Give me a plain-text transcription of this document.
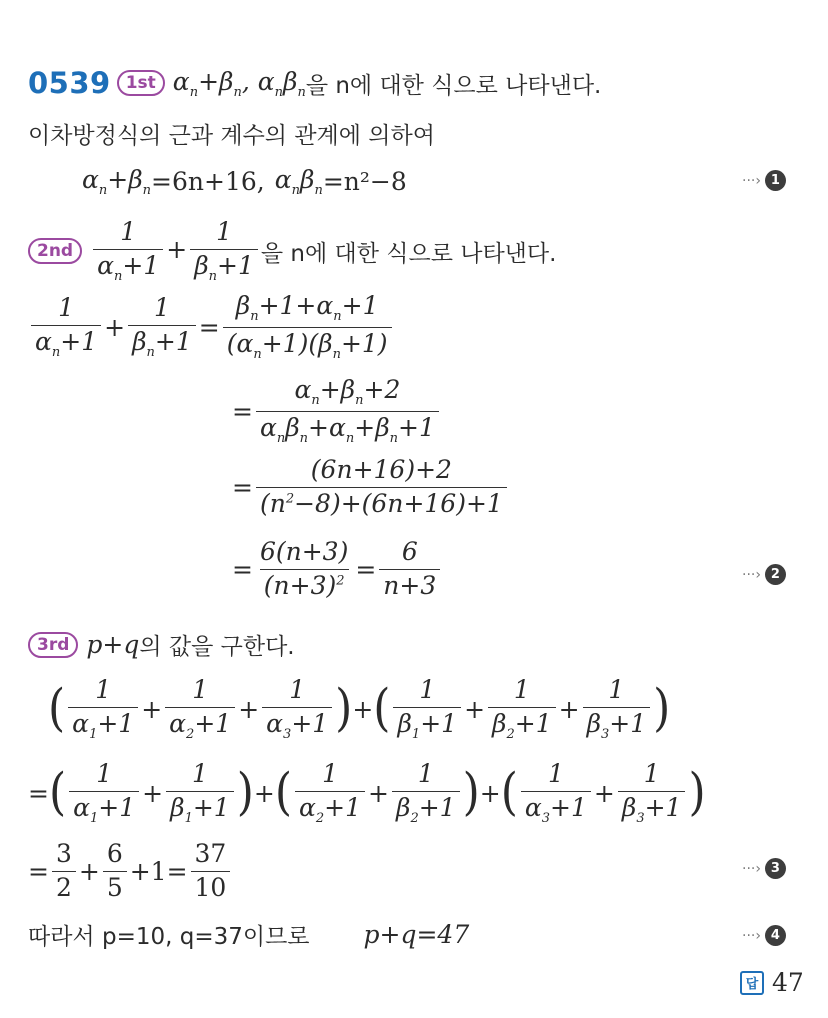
0539 1st $\alpha_n+\beta_n$, $\alpha_n\beta_n$ 을 n에 대한 식으로 나타낸다.
이차방정식의 근과 계수의 관계에 의하여
$\alpha_n+\beta_n =6n+16$, $\alpha_n\beta_n =n^2-8$	···› 1
$2nd \frac{1}{\alpha_n+1} + \frac{1}{\beta_n+1}$ 을 n에 대한 식으로 나타낸다.
$\frac{1}{\alpha_n+1} + \frac{1}{\beta_n+1} = \frac{\beta_n+1+\alpha_n+1}{(\alpha_n+1)(\beta_n+1)}$
= $\frac{\alpha_n+\beta_n+2}{\alpha_n\beta_n+\alpha_n+\beta_n+1}$
= $\frac{(6n+16)+2}{(n^2-8)+(6n+16)+1}$
= $\frac{6(n+3)}{(n+3)^2} = \frac{6}{n+3}$	···› 2
3rd p+q 의 값을 구한다.
( $\frac{1}{\alpha_1+1} + \frac{1}{\alpha_2+1} + \frac{1}{\alpha_3+1}$ ) + ( $\frac{1}{\beta_1+1} + \frac{1}{\beta_2+1} + \frac{1}{\beta_3+1}$ )
= ( $\frac{1}{\alpha_1+1} + \frac{1}{\beta_1+1}$ ) + ( $\frac{1}{\alpha_2+1} + \frac{1}{\beta_2+1}$ ) + ( $\frac{1}{\alpha_3+1} + \frac{1}{\beta_3+1}$ )
= $\frac{3}{2} + \frac{6}{5} +1= \frac{37}{10}$	···› 3
따라서 p=10, q=37이므로 p+q=47	···› 4
답 47
